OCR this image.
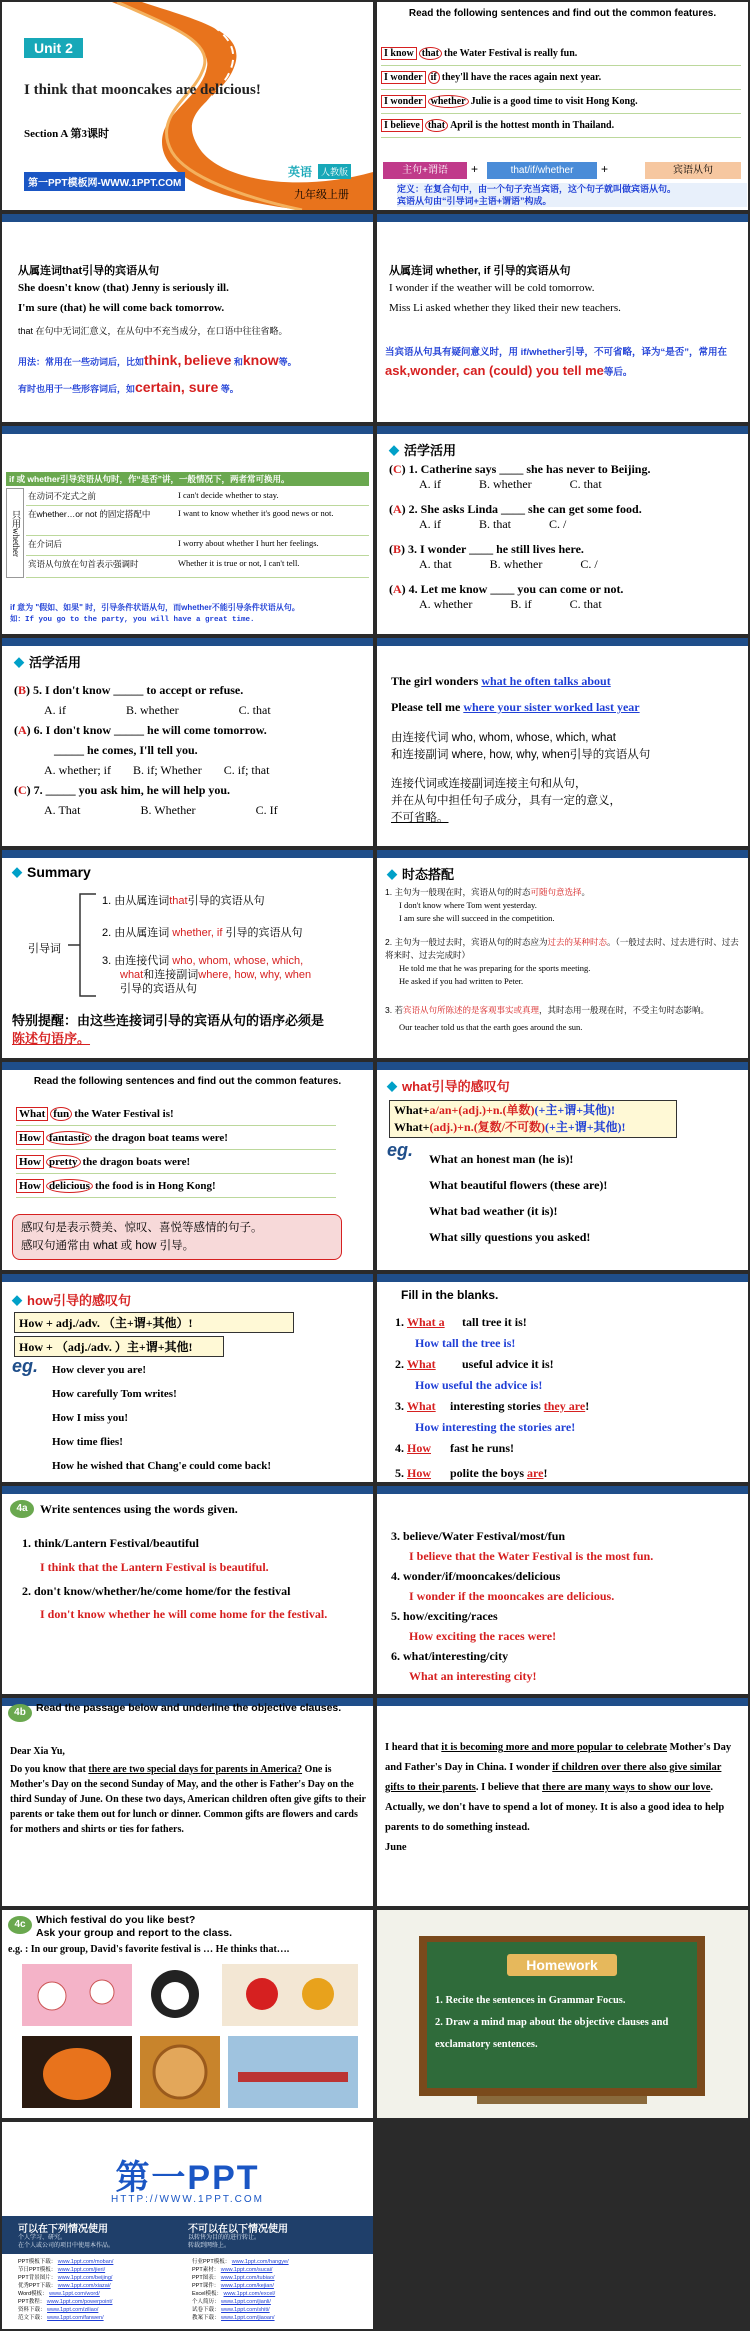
Unit 2
I think that mooncakes are delicious!
Section A 第3课时
英语 人教版
九年级上册
第一PPT模板网-WWW.1PPT.COM
Read the following sentences and find out the common features.
I know that the Water Festival is really fun.
I wonder if they'll have the races again next year.
I wonder whether Julie is a good time to visit Hong Kong.
I believe that April is the hottest month in Thailand.
主句+谓语	+	that/if/whether	+	宾语从句
定义：在复合句中，由一个句子充当宾语，这个句子就叫做宾语从句。
宾语从句由“引导词+主语+谓语”构成。
从属连词that引导的宾语从句
She doesn't know (that) Jenny is seriously ill.
I'm sure (that) he will come back tomorrow.
that 在句中无词汇意义，在从句中不充当成分，在口语中往往省略。
用法：常用在一些动词后，比如think, believe 和know等。
有时也用于一些形容词后，如certain, sure 等。
从属连词 whether, if 引导的宾语从句
I wonder if the weather will be cold tomorrow.
Miss Li asked whether they liked their new teachers.
当宾语从句具有疑问意义时，用 if/whether引导，不可省略，译为“是否”，常用在ask,wonder, can (could) you tell me等后。
if 或 whether引导宾语从句时，作“是否”讲，一般情况下，两者常可换用。
只用whether
在动词不定式之前	I can't decide whether to stay.
在whether…or not 的固定搭配中	I want to know whether it's good news or not.
在介词后	I worry about whether I hurt her feelings.
宾语从句放在句首表示强调时	Whether it is true or not, I can't tell.
if 意为 "假如、如果" 时，引导条件状语从句，而whether不能引导条件状语从句。
如：If you go to the party, you will have a great time.
◆ 活学活用
(C) 1. Catherine says ____ she has never to Beijing.
A. if	B. whether	C. that
(A) 2. She asks Linda ____ she can get some food.
A. if	B. that	C. /
(B) 3. I wonder ____ he still lives here.
A. that	B. whether	C. /
(A) 4. Let me know ____ you can come or not.
A. whether	B. if	C. that
◆ 活学活用
(B) 5. I don't know _____ to accept or refuse.
A. if	B. whether	C. that
(A) 6. I don't know _____ he will come tomorrow.
_____ he comes, I'll tell you.
A. whether; if B. if; Whether C. if; that
(C) 7. _____ you ask him, he will help you.
A. That	B. Whether	C. If
The girl wonders what he often talks about
Please tell me where your sister worked last year
由连接代词 who, whom, whose, which, what
和连接副词 where, how, why, when引导的宾语从句
连接代词或连接副词连接主句和从句，
并在从句中担任句子成分，具有一定的意义，
不可省略。
◆ Summary
引导词
1. 由从属连词that引导的宾语从句
2. 由从属连词 whether, if 引导的宾语从句
3. 由连接代词 who, whom, whose, which,
what和连接副词where, how, why, when
引导的宾语从句
特别提醒：由这些连接词引导的宾语从句的语序必须是
陈述句语序。
◆ 时态搭配
1. 主句为一般现在时，宾语从句的时态可随句意选择。
I don't know where Tom went yesterday.
I am sure she will succeed in the competition.
2. 主句为一般过去时，宾语从句的时态应为过去的某种时态。（一般过去时、过去进行时、过去将来时、过去完成时）
He told me that he was preparing for the sports meeting.
He asked if you had written to Peter.
3. 若宾语从句所陈述的是客观事实或真理，其时态用一般现在时，不受主句时态影响。
Our teacher told us that the earth goes around the sun.
Read the following sentences and find out the common features.
What fun the Water Festival is!
How fantastic the dragon boat teams were!
How pretty the dragon boats were!
How delicious the food is in Hong Kong!
感叹句是表示赞美、惊叹、喜悦等感情的句子。
感叹句通常由 what 或 how 引导。
◆ what引导的感叹句
What+a/an+(adj.)+n.(单数)(+主+谓+其他)!
What+(adj.)+n.(复数/不可数)(+主+谓+其他)!
eg. What an honest man (he is)!
What beautiful flowers (these are)!
What bad weather (it is)!
What silly questions you asked!
◆ how引导的感叹句
How + adj./adv. （主+谓+其他）!
How + （adj./adv. ）主+谓+其他!
eg. How clever you are!
How carefully Tom writes!
How I miss you!
How time flies!
How he wished that Chang'e could come back!
Fill in the blanks.
1. What a tall tree it is!
How tall the tree is!
2. What useful advice it is!
How useful the advice is!
3. What interesting stories they are!
How interesting the stories are!
4. How fast he runs!
5. How polite the boys are!
4a	Write sentences using the words given.
1. think/Lantern Festival/beautiful
I think that the Lantern Festival is beautiful.
2. don't know/whether/he/come home/for the festival
I don't know whether he will come home for the festival.
3. believe/Water Festival/most/fun
I believe that the Water Festival is the most fun.
4. wonder/if/mooncakes/delicious
I wonder if the mooncakes are delicious.
5. how/exciting/races
How exciting the races were!
6. what/interesting/city
What an interesting city!
4b Read the passage below and underline the objective clauses.
Dear Xia Yu,
Do you know that there are two special days for parents in America? One is Mother's Day on the second Sunday of May, and the other is Father's Day on the third Sunday of June. On these two days, American children often give gifts to their parents or take them out for lunch or dinner. Common gifts are flowers and cards for mothers and shirts or ties for fathers.
I heard that it is becoming more and more popular to celebrate Mother's Day and Father's Day in China. I wonder if children over there also give similar gifts to their parents. I believe that there are many ways to show our love. Actually, we don't have to spend a lot of money. It is also a good idea to help parents to do something instead.
June
4c Which festival do you like best?
Ask your group and report to the class.
e.g. : In our group, David's favorite festival is … He thinks that….
Homework
1. Recite the sentences in Grammar Focus.
2. Draw a mind map about the objective clauses and exclamatory sentences.
第一PPT
HTTP://WWW.1PPT.COM
可以在下列情况使用	不可以在以下情况使用
个人学习、研究。
在个人或公司的项目中使用本作品。
以转售为目的的进行转让。
转载到网络上。
PPT模板下载： www.1ppt.com/moban/
节日PPT模板： www.1ppt.com/jieri/
PPT背景图片： www.1ppt.com/beijing/
优秀PPT下载： www.1ppt.com/xiazai/
Word模板： www.1ppt.com/word/
PPT教程： www.1ppt.com/powerpoint/
资料下载： www.1ppt.com/ziliao/
范文下载： www.1ppt.com/fanwen/
行业PPT模板： www.1ppt.com/hangye/
PPT素材： www.1ppt.com/sucai/
PPT图表： www.1ppt.com/tubiao/
PPT课件： www.1ppt.com/kejian/
Excel模板： www.1ppt.com/excel/
个人简历： www.1ppt.com/jianli/
试卷下载： www.1ppt.com/shiti/
教案下载： www.1ppt.com/jiaoan/
